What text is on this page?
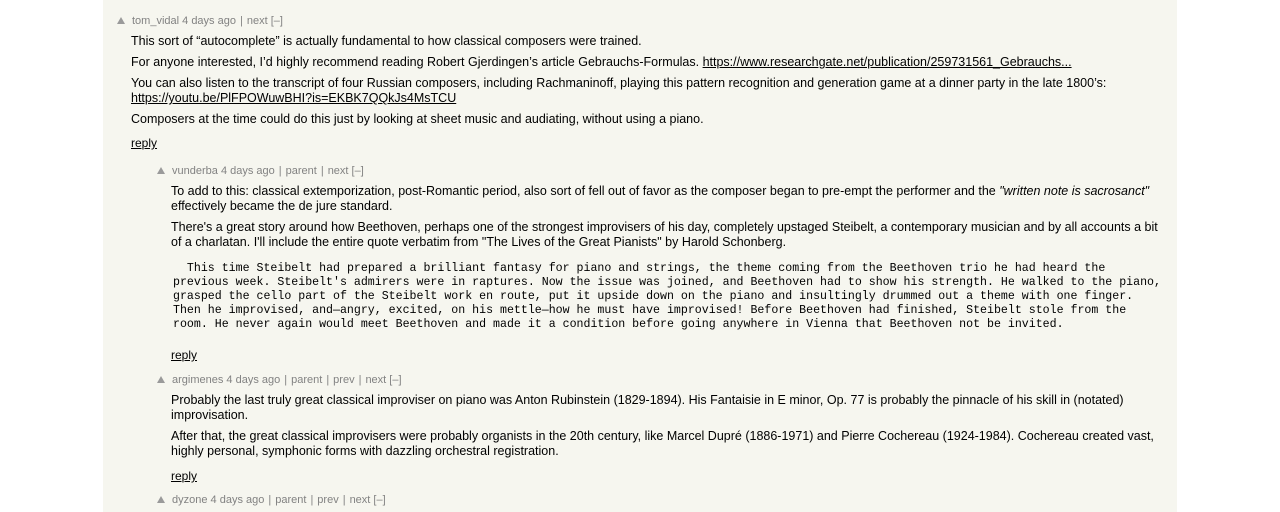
tom_vidal
4 days ago | next
[–]

This sort of “autocomplete” is actually fundamental to how classical composers were trained.

For anyone interested, I’d highly recommend reading Robert Gjerdingen’s article Gebrauchs-Formulas. https://www.researchgate.net/publication/259731561_Gebrauchs...

You can also listen to the transcript of four Russian composers, including Rachmaninoff, playing this pattern recognition and generation game at a dinner party in the late 1800’s: https://youtu.be/PlFPOWuwBHI?is=EKBK7QQkJs4MsTCU

Composers at the time could do this just by looking at sheet music and audiating, without using a piano.

reply
vunderba
4 days ago | parent | next
[–]

To add to this: classical extemporization, post-Romantic period, also sort of fell out of favor as the composer began to pre-empt the performer and the "written note is sacrosanct" effectively became the de jure standard.

There's a great story around how Beethoven, perhaps one of the strongest improvisers of his day, completely upstaged Steibelt, a contemporary musician and by all accounts a bit of a charlatan. I'll include the entire quote verbatim from "The Lives of the Great Pianists" by Harold Schonberg.

This time Steibelt had prepared a brilliant fantasy for piano and strings, the theme coming from the Beethoven trio he had heard the previous week. Steibelt's admirers were in raptures. Now the issue was joined, and Beethoven had to show his strength. He walked to the piano, grasped the cello part of the Steibelt work en route, put it upside down on the piano and insultingly drummed out a theme with one finger. Then he improvised, and—angry, excited, on his mettle—how he must have improvised! Before Beethoven had finished, Steibelt stole from the room. He never again would meet Beethoven and made it a condition before going anywhere in Vienna that Beethoven not be invited.
reply
argimenes
4 days ago | parent | prev | next
[–]

Probably the last truly great classical improviser on piano was Anton Rubinstein (1829-1894). His Fantaisie in E minor, Op. 77 is probably the pinnacle of his skill in (notated) improvisation.

After that, the great classical improvisers were probably organists in the 20th century, like Marcel Dupré (1886-1971) and Pierre Cochereau (1924-1984). Cochereau created vast, highly personal, symphonic forms with dazzling orchestral registration.

reply
dyzone
4 days ago | parent | prev | next
[–]
